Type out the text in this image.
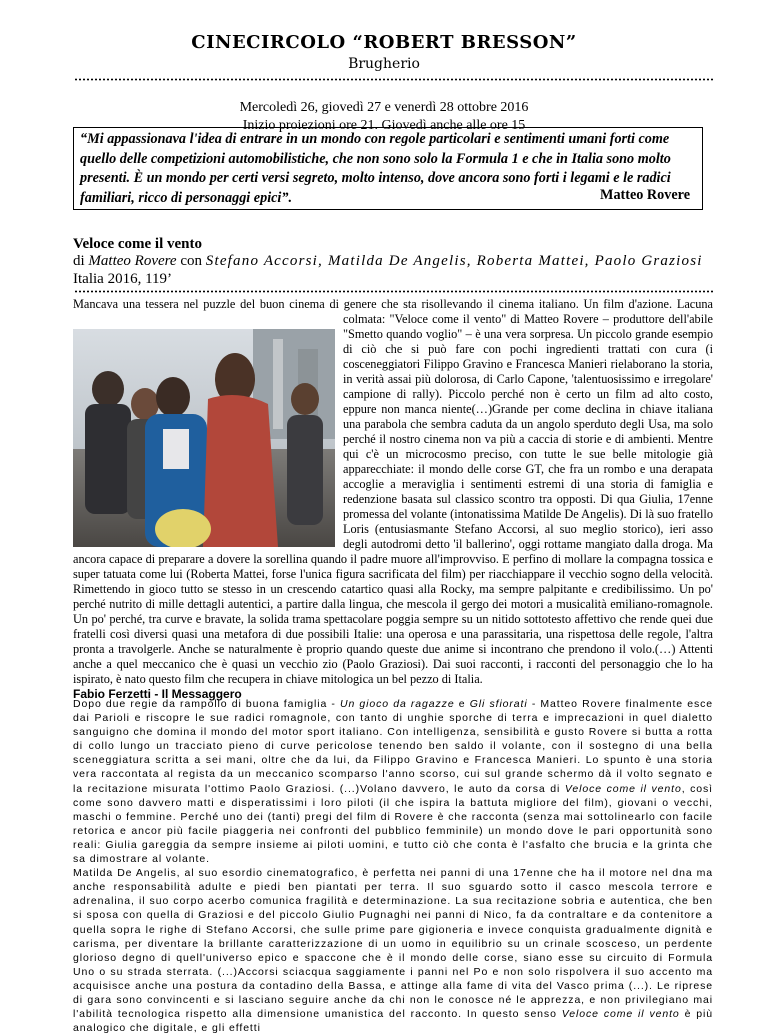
CINECIRCOLO “ROBERT BRESSON”
Brugherio
Mercoledì 26, giovedì 27 e venerdì 28 ottobre 2016
Inizio proiezioni ore 21. Giovedì anche alle ore 15
“Mi appassionava l'idea di entrare in un mondo con regole particolari e sentimenti umani forti come quello delle competizioni automobilistiche, che non sono solo la Formula 1 e che in Italia sono molto presenti. È un mondo per certi versi segreto, molto intenso, dove ancora sono forti i legami e le radici familiari, ricco di personaggi epici”.	Matteo Rovere
Veloce come il vento
di Matteo Rovere con Stefano Accorsi, Matilda De Angelis, Roberta Mattei, Paolo Graziosi
Italia 2016, 119’

Mancava una tessera nel puzzle del buon cinema di genere che sta risollevando il cinema italiano. Un film d'azione.
Lacuna colmata: "Veloce come il vento" di Matteo Rovere – produttore dell'abile "Smetto quando voglio" – è una vera sorpresa. Un piccolo grande esempio di ciò che si può fare con pochi ingredienti trattati con cura (i cosceneggiatori Filippo Gravino e Francesca Manieri rielaborano la storia, in verità assai più dolorosa, di Carlo Capone, 'talentuosissimo e irregolare' campione di rally). Piccolo perché non è certo un film ad alto costo, eppure non manca niente(…)Grande per come declina in chiave italiana una parabola che sembra caduta da un angolo sperduto degli Usa, ma solo perché il nostro cinema non va più a caccia di storie e di ambienti. Mentre qui c'è un microcosmo preciso, con tutte le sue belle mitologie già apparecchiate: il mondo delle corse GT, che fra un rombo e una derapata accoglie a meraviglia i sentimenti estremi di una storia di famiglia e redenzione basata sul classico scontro tra opposti. Di qua Giulia, 17enne promessa del volante (intonatissima Matilde De Angelis). Di là suo fratello Loris (entusiasmante Stefano Accorsi, al suo meglio storico), ieri asso degli autodromi detto 'il ballerino', oggi rottame mangiato dalla droga. Ma ancora capace di preparare a dovere la sorellina quando il padre muore all'improvviso. E perfino di mollare la compagna tossica e super tatuata come lui (Roberta Mattei, forse l'unica figura sacrificata del film) per riacchiappare il vecchio sogno della velocità. Rimettendo in gioco tutto se stesso in un crescendo catartico quasi alla Rocky, ma sempre palpitante e credibilissimo. Un po' perché nutrito di mille dettagli autentici, a partire dalla lingua, che mescola il gergo dei motori a musicalità emiliano-romagnole. Un po' perché, tra curve e bravate, la solida trama spettacolare poggia sempre su un nitido sottotesto affettivo che rende quei due fratelli così diversi quasi una metafora di due possibili Italie: una operosa e una parassitaria, una rispettosa delle regole, l'altra pronta a travolgerle. Anche se naturalmente è proprio quando queste due anime si incontrano che prendono il volo.(…) Attenti anche a quel meccanico che è quasi un vecchio zio (Paolo Graziosi). Dai suoi racconti, i racconti del personaggio che lo ha ispirato, è nato questo film che recupera in chiave mitologica un bel pezzo di Italia.

Fabio Ferzetti - Il Messaggero

Dopo due regie da rampollo di buona famiglia - Un gioco da ragazze e Gli sfiorati - Matteo Rovere finalmente esce dai Parioli e riscopre le sue radici romagnole, con tanto di unghie sporche di terra e imprecazioni in quel dialetto sanguigno che domina il mondo del motor sport italiano. Con intelligenza, sensibilità e gusto Rovere si butta a rotta di collo lungo un tracciato pieno di curve pericolose tenendo ben saldo il volante, con il sostegno di una bella sceneggiatura scritta a sei mani, oltre che da lui, da Filippo Gravino e Francesca Manieri. Lo spunto è una storia vera raccontata al regista da un meccanico scomparso l'anno scorso, cui sul grande schermo dà il volto segnato e la recitazione misurata l'ottimo Paolo Graziosi. (...)Volano davvero, le auto da corsa di Veloce come il vento, così come sono davvero matti e disperatissimi i loro piloti (il che ispira la battuta migliore del film), giovani o vecchi, maschi o femmine. Perché uno dei (tanti) pregi del film di Rovere è che racconta (senza mai sottolinearlo con facile retorica e ancor più facile piaggeria nei confronti del pubblico femminile) un mondo dove le pari opportunità sono reali: Giulia gareggia da sempre insieme ai piloti uomini, e tutto ciò che conta è l'asfalto che brucia e la grinta che sa dimostrare al volante.

Matilda De Angelis, al suo esordio cinematografico, è perfetta nei panni di una 17enne che ha il motore nel dna ma anche responsabilità adulte e piedi ben piantati per terra. Il suo sguardo sotto il casco mescola terrore e adrenalina, il suo corpo acerbo comunica fragilità e determinazione. La sua recitazione sobria e autentica, che ben si sposa con quella di Graziosi e del piccolo Giulio Pugnaghi nei panni di Nico, fa da contraltare e da contenitore a quella sopra le righe di Stefano Accorsi, che sulle prime pare gigioneria e invece conquista gradualmente dignità e carisma, per diventare la brillante caratterizzazione di un uomo in equilibrio su un crinale scosceso, un perdente glorioso degno di quell'universo epico e spaccone che è il mondo delle corse, siano esse su circuito di Formula Uno o su strada sterrata. (...)Accorsi sciacqua saggiamente i panni nel Po e non solo rispolvera il suo accento ma acquisisce anche una postura da contadino della Bassa, e attinge alla fame di vita del Vasco prima (...). Le riprese di gara sono convincenti e si lasciano seguire anche da chi non le conosce né le apprezza, e non privilegiano mai l'abilità tecnologica rispetto alla dimensione umanistica del racconto. In questo senso Veloce come il vento è più analogico che digitale, e gli effetti
